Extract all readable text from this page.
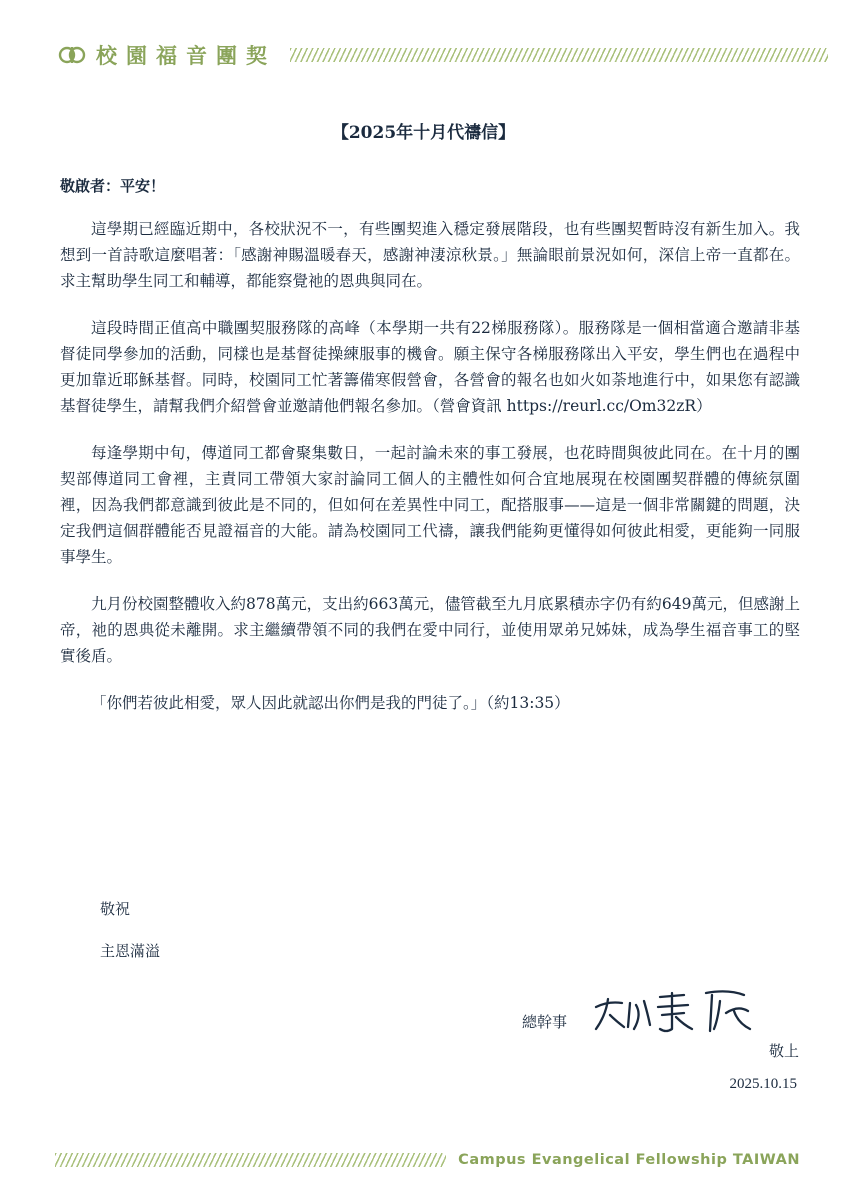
校園福音團契
【2025年十月代禱信】
敬啟者：平安！

這學期已經臨近期中，各校狀況不一，有些團契進入穩定發展階段，也有些團契暫時沒有新生加入。我想到一首詩歌這麼唱著：「感謝神賜溫暖春天，感謝神淒涼秋景。」無論眼前景況如何，深信上帝一直都在。求主幫助學生同工和輔導，都能察覺祂的恩典與同在。

這段時間正值高中職團契服務隊的高峰（本學期一共有22梯服務隊）。服務隊是一個相當適合邀請非基督徒同學參加的活動，同樣也是基督徒操練服事的機會。願主保守各梯服務隊出入平安，學生們也在過程中更加靠近耶穌基督。同時，校園同工忙著籌備寒假營會，各營會的報名也如火如荼地進行中，如果您有認識基督徒學生，請幫我們介紹營會並邀請他們報名參加。（營會資訊 https://reurl.cc/Om32zR）

每逢學期中旬，傳道同工都會聚集數日，一起討論未來的事工發展，也花時間與彼此同在。在十月的團契部傳道同工會裡，主責同工帶領大家討論同工個人的主體性如何合宜地展現在校園團契群體的傳統氛圍裡，因為我們都意識到彼此是不同的，但如何在差異性中同工，配搭服事——這是一個非常關鍵的問題，決定我們這個群體能否見證福音的大能。請為校園同工代禱，讓我們能夠更懂得如何彼此相愛，更能夠一同服事學生。

九月份校園整體收入約878萬元，支出約663萬元，儘管截至九月底累積赤字仍有約649萬元，但感謝上帝，祂的恩典從未離開。求主繼續帶領不同的我們在愛中同行，並使用眾弟兄姊妹，成為學生福音事工的堅實後盾。

「你們若彼此相愛，眾人因此就認出你們是我的門徒了。」（約13:35）

敬祝
主恩滿溢
總幹事
敬上
2025.10.15
Campus Evangelical Fellowship TAIWAN
